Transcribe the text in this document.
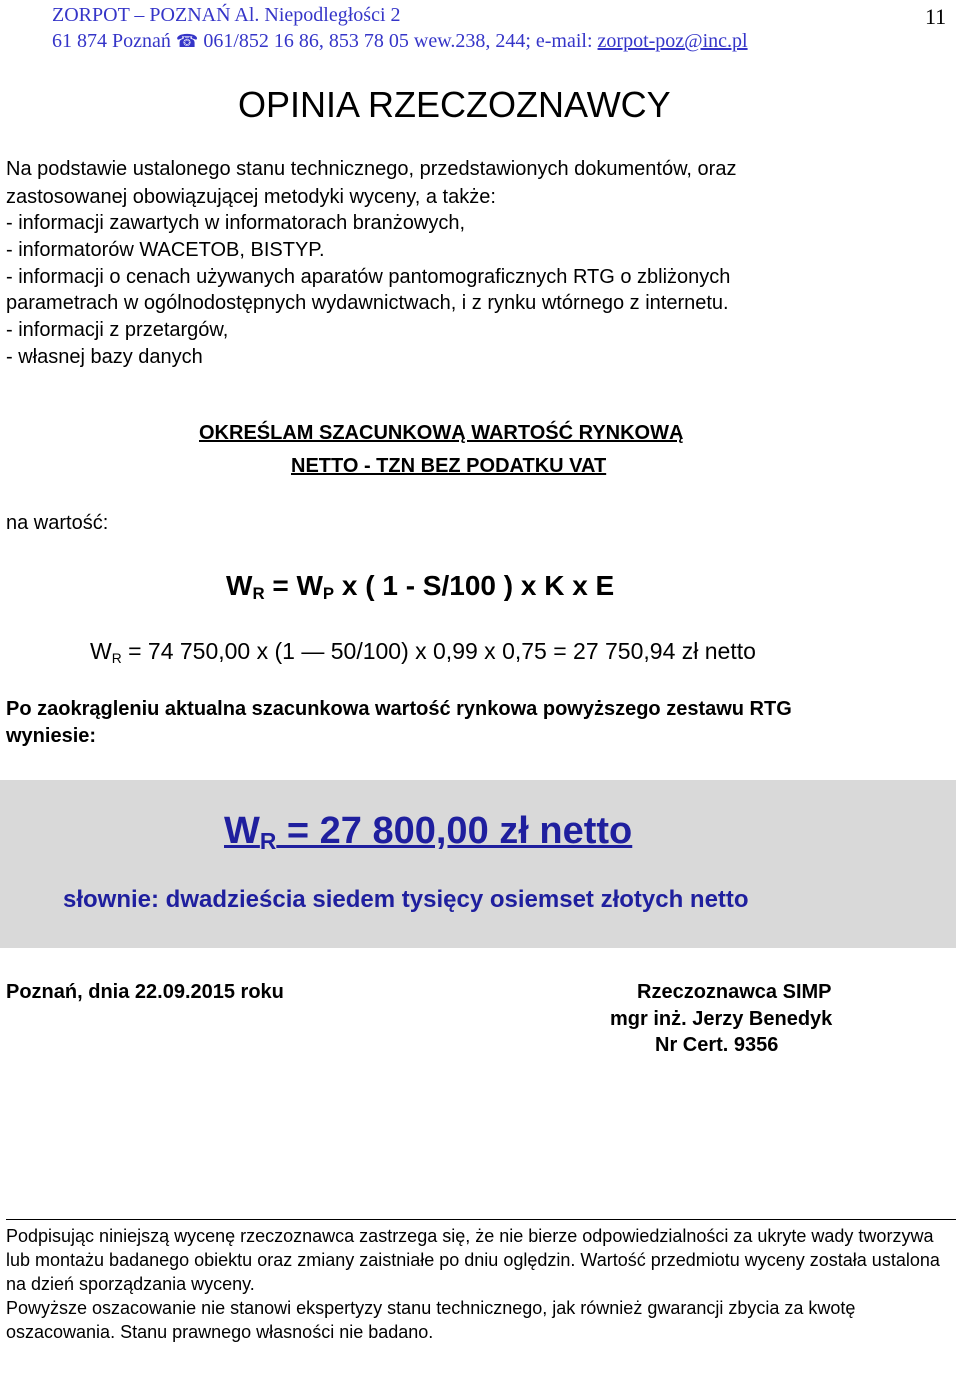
ZORPOT – POZNAŃ Al. Niepodległości 2	11
61 874 Poznań ☎ 061/852 16 86, 853 78 05 wew.238, 244; e-mail: zorpot-poz@inc.pl
OPINIA RZECZOZNAWCY
Na podstawie ustalonego stanu technicznego, przedstawionych dokumentów, oraz
zastosowanej obowiązującej metodyki wyceny, a także:
- informacji zawartych w informatorach branżowych,
- informatorów WACETOB, BISTYP.
- informacji o cenach używanych aparatów pantomograficznych RTG o zbliżonych
parametrach w ogólnodostępnych wydawnictwach, i z rynku wtórnego z internetu.
- informacji z przetargów,
- własnej bazy danych
OKREŚLAM SZACUNKOWĄ WARTOŚĆ RYNKOWĄ
NETTO - TZN BEZ PODATKU VAT
na wartość:
$W_R = W_P$ x ( 1 - S/100 ) x K x E
$W_R = 74$ 750,00 x (1 — 50/100) x 0,99 x 0,75 = 27 750,94 zł netto
Po zaokrągleniu aktualna szacunkowa wartość rynkowa powyższego zestawu RTG
wyniesie:
$W_R = 27$ 800,00 zł netto
słownie: dwadzieścia siedem tysięcy osiemset złotych netto
Poznań, dnia 22.09.2015 roku	Rzeczoznawca SIMP
mgr inż. Jerzy Benedyk
Nr Cert. 9356
Podpisując niniejszą wycenę rzeczoznawca zastrzega się, że nie bierze odpowiedzialności za ukryte wady tworzywa lub montażu badanego obiektu oraz zmiany zaistniałe po dniu oględzin. Wartość przedmiotu wyceny została ustalona na dzień sporządzania wyceny.
Powyższe oszacowanie nie stanowi ekspertyzy stanu technicznego, jak również gwarancji zbycia za kwotę oszacowania. Stanu prawnego własności nie badano.
